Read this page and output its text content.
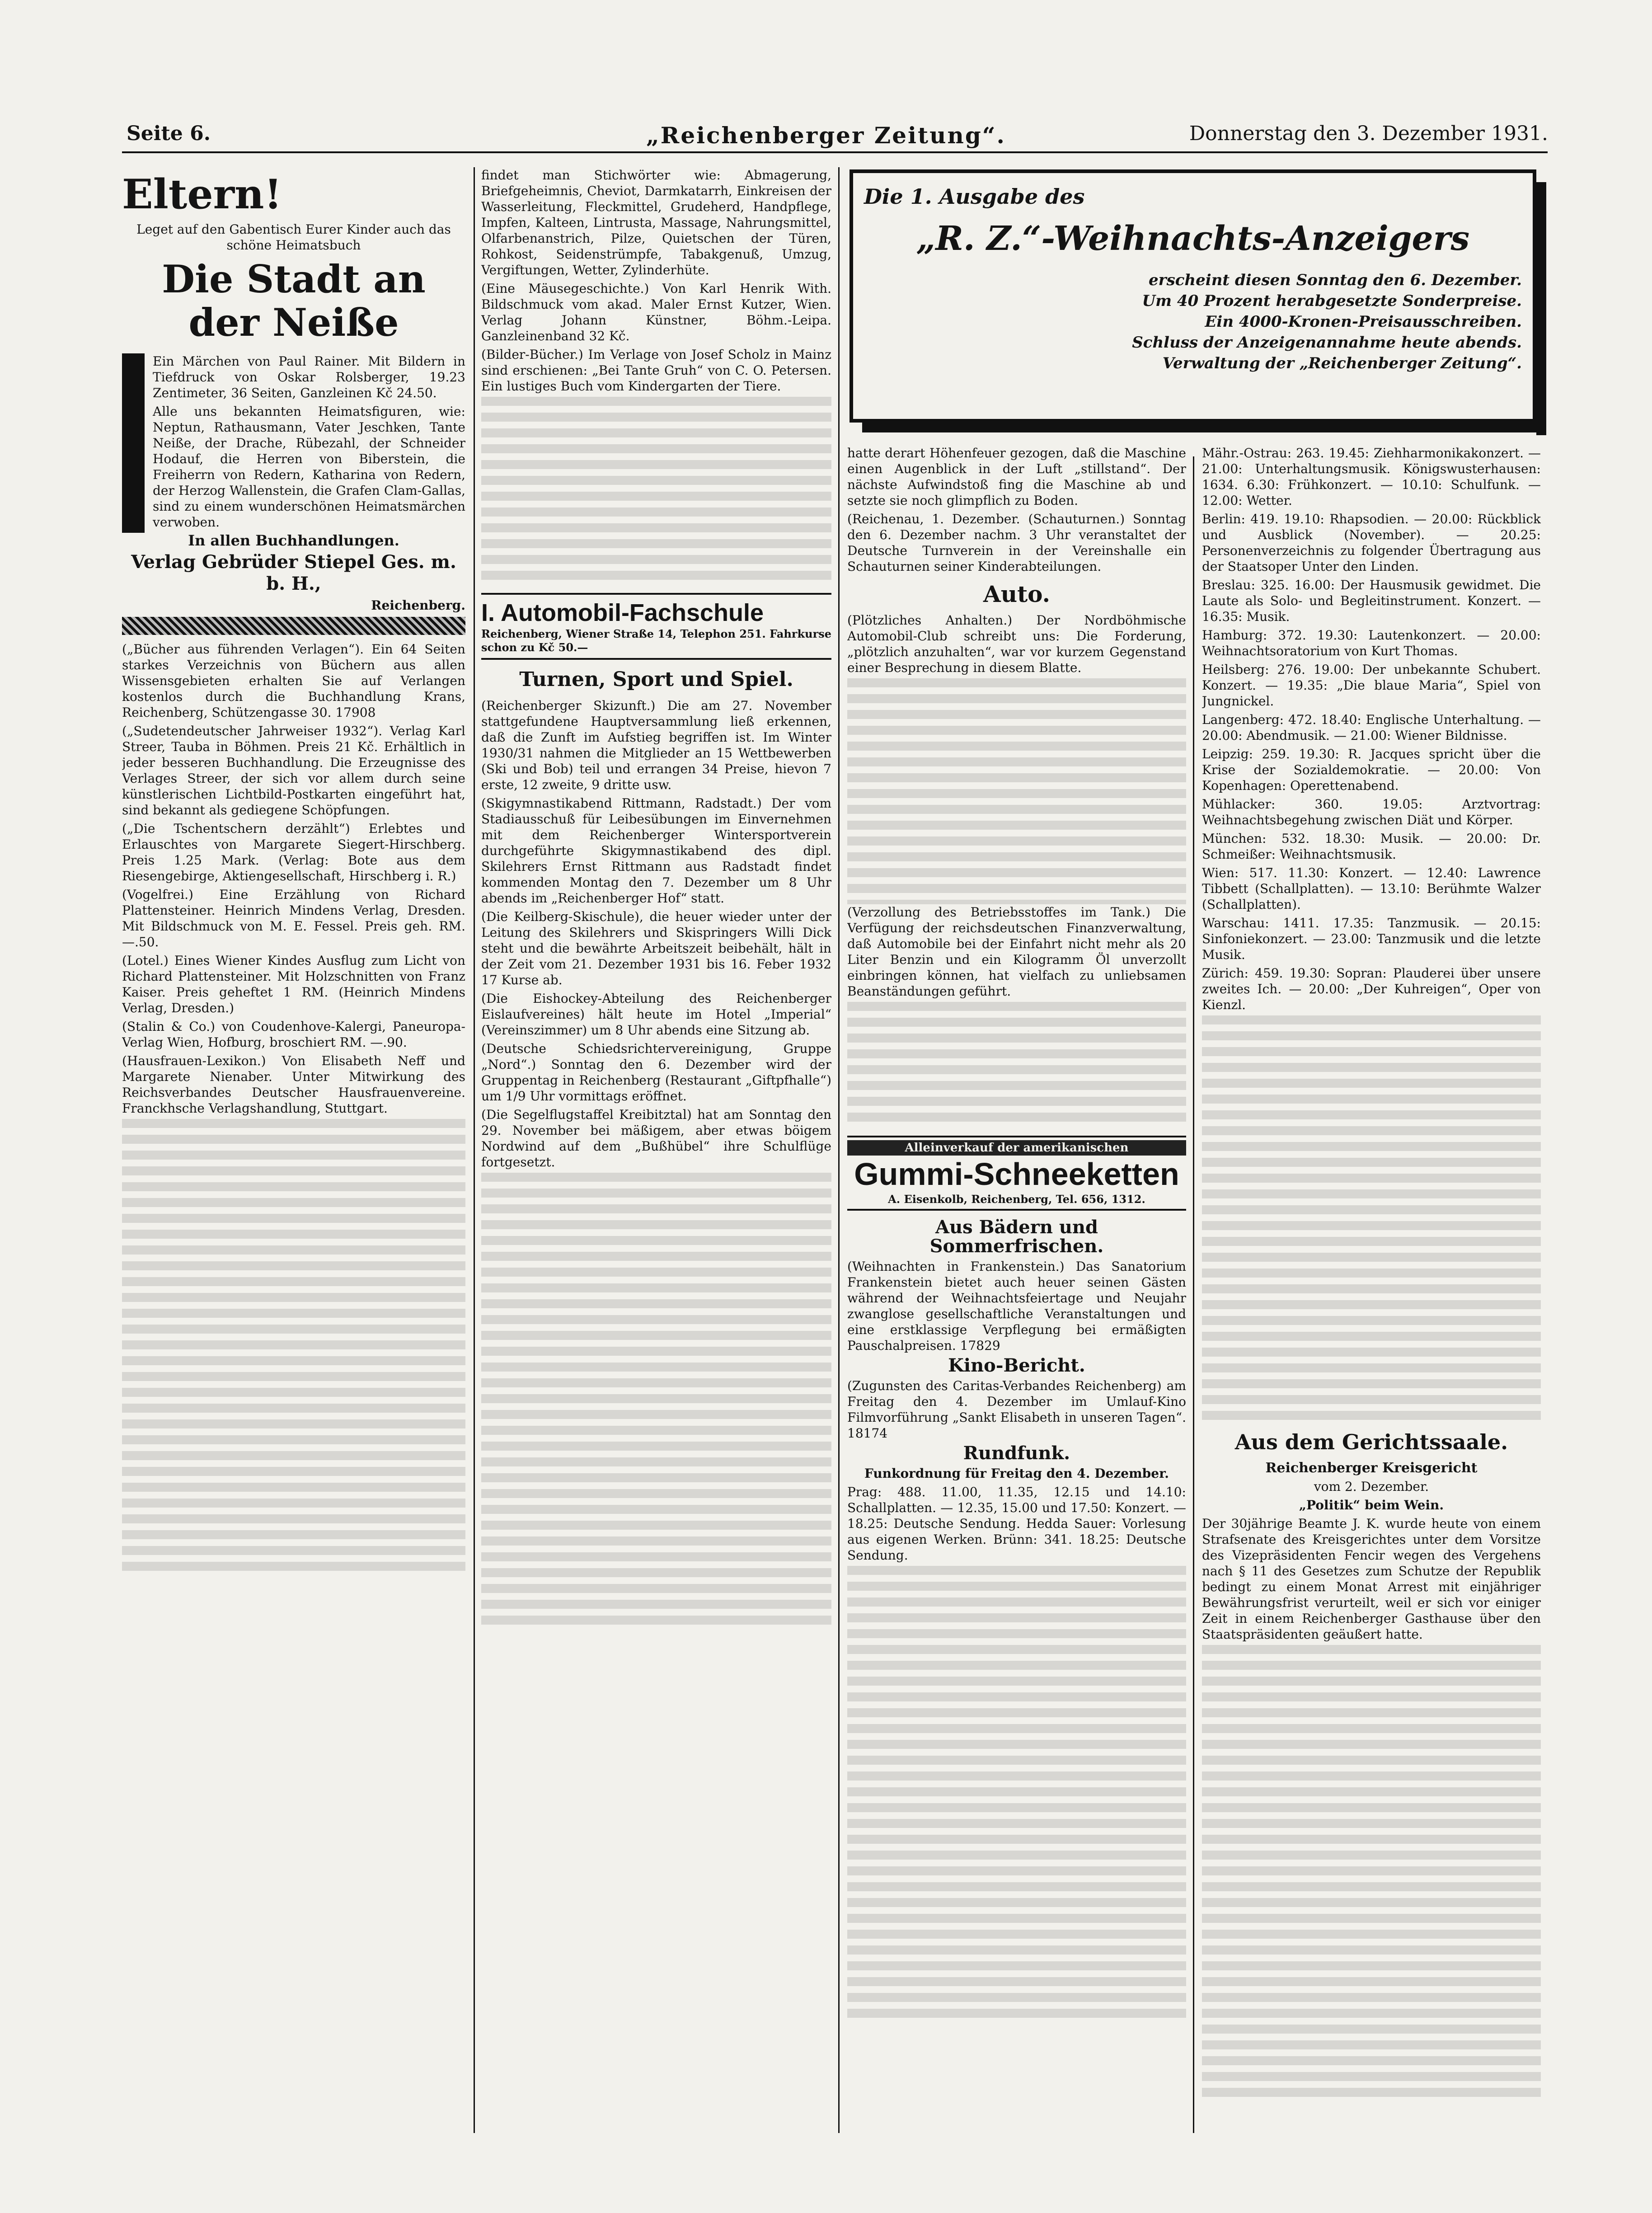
Seite 6.	„Reichenberger Zeitung“.	Donnerstag den 3. Dezember 1931.
Eltern!

Leget auf den Gabentisch Eurer Kinder auch das schöne Heimatsbuch

Die Stadt an der Neiße

Ein Märchen von Paul Rainer. Mit Bildern in Tiefdruck von Oskar Rolsberger, 19.23 Zentimeter, 36 Seiten, Ganzleinen Kč 24.50.

Alle uns bekannten Heimatsfiguren, wie: Neptun, Rathausmann, Vater Jeschken, Tante Neiße, der Drache, Rübezahl, der Schneider Hodauf, die Herren von Biberstein, die Freiherrn von Redern, Katharina von Redern, der Herzog Wallenstein, die Grafen Clam-Gallas, sind zu einem wunderschönen Heimatsmärchen verwoben.

In allen Buchhandlungen.

Verlag Gebrüder Stiepel Ges. m. b. H.,

Reichenberg.

(„Bücher aus führenden Verlagen“). Ein 64 Seiten starkes Verzeichnis von Büchern aus allen Wissensgebieten erhalten Sie auf Verlangen kostenlos durch die Buchhandlung Krans, Reichenberg, Schützengasse 30. 17908

(„Sudetendeutscher Jahrweiser 1932“). Verlag Karl Streer, Tauba in Böhmen. Preis 21 Kč. Erhältlich in jeder besseren Buchhandlung. Die Erzeugnisse des Verlages Streer, der sich vor allem durch seine künstlerischen Lichtbild-Postkarten eingeführt hat, sind bekannt als gediegene Schöpfungen.

(„Die Tschentschern derzählt“) Erlebtes und Erlauschtes von Margarete Siegert-Hirschberg. Preis 1.25 Mark. (Verlag: Bote aus dem Riesengebirge, Aktiengesellschaft, Hirschberg i. R.)

(Vogelfrei.) Eine Erzählung von Richard Plattensteiner. Heinrich Mindens Verlag, Dresden. Mit Bildschmuck von M. E. Fessel. Preis geh. RM. —.50.

(Lotel.) Eines Wiener Kindes Ausflug zum Licht von Richard Plattensteiner. Mit Holzschnitten von Franz Kaiser. Preis geheftet 1 RM. (Heinrich Mindens Verlag, Dresden.)

(Stalin & Co.) von Coudenhove-Kalergi, Paneuropa-Verlag Wien, Hofburg, broschiert RM. —.90.

(Hausfrauen-Lexikon.) Von Elisabeth Neff und Margarete Nienaber. Unter Mitwirkung des Reichsverbandes Deutscher Hausfrauenvereine. Franckhsche Verlagshandlung, Stuttgart.

findet man Stichwörter wie: Abmagerung, Briefgeheimnis, Cheviot, Darmkatarrh, Einkreisen der Wasserleitung, Fleckmittel, Grudeherd, Handpflege, Impfen, Kalteen, Lintrusta, Massage, Nahrungsmittel, Olfarbenanstrich, Pilze, Quietschen der Türen, Rohkost, Seidenstrümpfe, Tabakgenuß, Umzug, Vergiftungen, Wetter, Zylinderhüte.

(Eine Mäusegeschichte.) Von Karl Henrik With. Bildschmuck vom akad. Maler Ernst Kutzer, Wien. Verlag Johann Künstner, Böhm.-Leipa. Ganzleinenband 32 Kč.

(Bilder-Bücher.) Im Verlage von Josef Scholz in Mainz sind erschienen: „Bei Tante Gruh“ von C. O. Petersen. Ein lustiges Buch vom Kindergarten der Tiere.

I. Automobil-Fachschule
Reichenberg, Wiener Straße 14, Telephon 251. Fahrkurse schon zu Kč 50.—
Turnen, Sport und Spiel.

(Reichenberger Skizunft.) Die am 27. November stattgefundene Hauptversammlung ließ erkennen, daß die Zunft im Aufstieg begriffen ist. Im Winter 1930/31 nahmen die Mitglieder an 15 Wettbewerben (Ski und Bob) teil und errangen 34 Preise, hievon 7 erste, 12 zweite, 9 dritte usw.

(Skigymnastikabend Rittmann, Radstadt.) Der vom Stadiausschuß für Leibesübungen im Einvernehmen mit dem Reichenberger Wintersportverein durchgeführte Skigymnastikabend des dipl. Skilehrers Ernst Rittmann aus Radstadt findet kommenden Montag den 7. Dezember um 8 Uhr abends im „Reichenberger Hof“ statt.

(Die Keilberg-Skischule), die heuer wieder unter der Leitung des Skilehrers und Skispringers Willi Dick steht und die bewährte Arbeitszeit beibehält, hält in der Zeit vom 21. Dezember 1931 bis 16. Feber 1932 17 Kurse ab.

(Die Eishockey-Abteilung des Reichenberger Eislaufvereines) hält heute im Hotel „Imperial“ (Vereinszimmer) um 8 Uhr abends eine Sitzung ab.

(Deutsche Schiedsrichtervereinigung, Gruppe „Nord“.) Sonntag den 6. Dezember wird der Gruppentag in Reichenberg (Restaurant „Giftpfhalle“) um 1/9 Uhr vormittags eröffnet.

(Die Segelflugstaffel Kreibitztal) hat am Sonntag den 29. November bei mäßigem, aber etwas böigem Nordwind auf dem „Bußhübel“ ihre Schulflüge fortgesetzt.

Die 1. Ausgabe des
„R. Z.“-Weihnachts-Anzeigers
erscheint diesen Sonntag den 6. Dezember.
Um 40 Prozent herabgesetzte Sonderpreise.
Ein 4000-Kronen-Preisausschreiben.
Schluss der Anzeigenannahme heute abends.
Verwaltung der „Reichenberger Zeitung“.

hatte derart Höhenfeuer gezogen, daß die Maschine einen Augenblick in der Luft „stillstand“. Der nächste Aufwindstoß fing die Maschine ab und setzte sie noch glimpflich zu Boden.

(Reichenau, 1. Dezember. (Schauturnen.) Sonntag den 6. Dezember nachm. 3 Uhr veranstaltet der Deutsche Turnverein in der Vereinshalle ein Schauturnen seiner Kinderabteilungen.

Auto.

(Plötzliches Anhalten.) Der Nordböhmische Automobil-Club schreibt uns: Die Forderung, „plötzlich anzuhalten“, war vor kurzem Gegenstand einer Besprechung in diesem Blatte.

(Verzollung des Betriebsstoffes im Tank.) Die Verfügung der reichsdeutschen Finanzverwaltung, daß Automobile bei der Einfahrt nicht mehr als 20 Liter Benzin und ein Kilogramm Öl unverzollt einbringen können, hat vielfach zu unliebsamen Beanständungen geführt.

Alleinverkauf der amerikanischen
Gummi-Schneeketten
A. Eisenkolb, Reichenberg, Tel. 656, 1312.
Aus Bädern und Sommerfrischen.

(Weihnachten in Frankenstein.) Das Sanatorium Frankenstein bietet auch heuer seinen Gästen während der Weihnachtsfeiertage und Neujahr zwanglose gesellschaftliche Veranstaltungen und eine erstklassige Verpflegung bei ermäßigten Pauschalpreisen. 17829

Kino-Bericht.

(Zugunsten des Caritas-Verbandes Reichenberg) am Freitag den 4. Dezember im Umlauf-Kino Filmvorführung „Sankt Elisabeth in unseren Tagen“. 18174

Rundfunk.

Funkordnung für Freitag den 4. Dezember.

Prag: 488. 11.00, 11.35, 12.15 und 14.10: Schallplatten. — 12.35, 15.00 und 17.50: Konzert. — 18.25: Deutsche Sendung. Hedda Sauer: Vorlesung aus eigenen Werken. Brünn: 341. 18.25: Deutsche Sendung.

Mähr.-Ostrau: 263. 19.45: Ziehharmonikakonzert. — 21.00: Unterhaltungsmusik. Königswusterhausen: 1634. 6.30: Frühkonzert. — 10.10: Schulfunk. — 12.00: Wetter.

Berlin: 419. 19.10: Rhapsodien. — 20.00: Rückblick und Ausblick (November). — 20.25: Personenverzeichnis zu folgender Übertragung aus der Staatsoper Unter den Linden.

Breslau: 325. 16.00: Der Hausmusik gewidmet. Die Laute als Solo- und Begleitinstrument. Konzert. — 16.35: Musik.

Hamburg: 372. 19.30: Lautenkonzert. — 20.00: Weihnachtsoratorium von Kurt Thomas.

Heilsberg: 276. 19.00: Der unbekannte Schubert. Konzert. — 19.35: „Die blaue Maria“, Spiel von Jungnickel.

Langenberg: 472. 18.40: Englische Unterhaltung. — 20.00: Abendmusik. — 21.00: Wiener Bildnisse.

Leipzig: 259. 19.30: R. Jacques spricht über die Krise der Sozialdemokratie. — 20.00: Von Kopenhagen: Operettenabend.

Mühlacker: 360. 19.05: Arztvortrag: Weihnachtsbegehung zwischen Diät und Körper.

München: 532. 18.30: Musik. — 20.00: Dr. Schmeißer: Weihnachtsmusik.

Wien: 517. 11.30: Konzert. — 12.40: Lawrence Tibbett (Schallplatten). — 13.10: Berühmte Walzer (Schallplatten).

Warschau: 1411. 17.35: Tanzmusik. — 20.15: Sinfoniekonzert. — 23.00: Tanzmusik und die letzte Musik.

Zürich: 459. 19.30: Sopran: Plauderei über unsere zweites Ich. — 20.00: „Der Kuhreigen“, Oper von Kienzl.

Aus dem Gerichtssaale.

Reichenberger Kreisgericht

vom 2. Dezember.

„Politik“ beim Wein.

Der 30jährige Beamte J. K. wurde heute von einem Strafsenate des Kreisgerichtes unter dem Vorsitze des Vizepräsidenten Fencir wegen des Vergehens nach § 11 des Gesetzes zum Schutze der Republik bedingt zu einem Monat Arrest mit einjähriger Bewährungsfrist verurteilt, weil er sich vor einiger Zeit in einem Reichenberger Gasthause über den Staatspräsidenten geäußert hatte.
